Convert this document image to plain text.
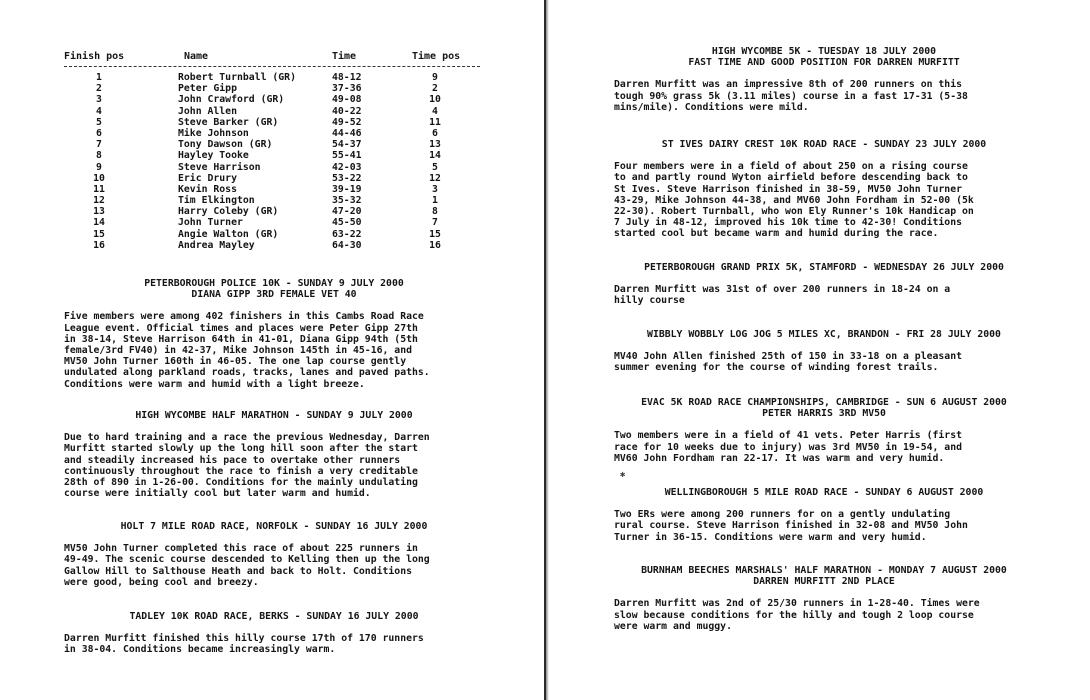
Finish pos	Name	Time	Time pos
1	Robert Turnball (GR)	48-12	9
2	Peter Gipp	37-36	2
3	John Crawford (GR)	49-08	10
4	John Allen	40-22	4
5	Steve Barker (GR)	49-52	11
6	Mike Johnson	44-46	6
7	Tony Dawson (GR)	54-37	13
8	Hayley Tooke	55-41	14
9	Steve Harrison	42-03	5
10	Eric Drury	53-22	12
11	Kevin Ross	39-19	3
12	Tim Elkington	35-32	1
13	Harry Coleby (GR)	47-20	8
14	John Turner	45-50	7
15	Angie Walton (GR)	63-22	15
16	Andrea Mayley	64-30	16

PETERBOROUGH POLICE 10K - SUNDAY 9 JULY 2000

DIANA GIPP 3RD FEMALE VET 40

Five members were among 402 finishers in this Cambs Road Race
League event. Official times and places were Peter Gipp 27th
in 38-14, Steve Harrison 64th in 41-01, Diana Gipp 94th (5th
female/3rd FV40) in 42-37, Mike Johnson 145th in 45-16, and
MV50 John Turner 160th in 46-05. The one lap course gently
undulated along parkland roads, tracks, lanes and paved paths.
Conditions were warm and humid with a light breeze.

HIGH WYCOMBE HALF MARATHON - SUNDAY 9 JULY 2000

Due to hard training and a race the previous Wednesday, Darren
Murfitt started slowly up the long hill soon after the start
and steadily increased his pace to overtake other runners
continuously throughout the race to finish a very creditable
28th of 890 in 1-26-00. Conditions for the mainly undulating
course were initially cool but later warm and humid.

HOLT 7 MILE ROAD RACE, NORFOLK - SUNDAY 16 JULY 2000

MV50 John Turner completed this race of about 225 runners in
49-49. The scenic course descended to Kelling then up the long
Gallow Hill to Salthouse Heath and back to Holt. Conditions
were good, being cool and breezy.

TADLEY 10K ROAD RACE, BERKS - SUNDAY 16 JULY 2000

Darren Murfitt finished this hilly course 17th of 170 runners
in 38-04. Conditions became increasingly warm.

HIGH WYCOMBE 5K - TUESDAY 18 JULY 2000

FAST TIME AND GOOD POSITION FOR DARREN MURFITT

Darren Murfitt was an impressive 8th of 200 runners on this
tough 90% grass 5k (3.11 miles) course in a fast 17-31 (5-38
mins/mile). Conditions were mild.

ST IVES DAIRY CREST 10K ROAD RACE - SUNDAY 23 JULY 2000

Four members were in a field of about 250 on a rising course
to and partly round Wyton airfield before descending back to
St Ives. Steve Harrison finished in 38-59, MV50 John Turner
43-29, Mike Johnson 44-38, and MV60 John Fordham in 52-00 (5k
22-30). Robert Turnball, who won Ely Runner's 10k Handicap on
7 July in 48-12, improved his 10k time to 42-30! Conditions
started cool but became warm and humid during the race.

PETERBOROUGH GRAND PRIX 5K, STAMFORD - WEDNESDAY 26 JULY 2000

Darren Murfitt was 31st of over 200 runners in 18-24 on a
hilly course

WIBBLY WOBBLY LOG JOG 5 MILES XC, BRANDON - FRI 28 JULY 2000

MV40 John Allen finished 25th of 150 in 33-18 on a pleasant
summer evening for the course of winding forest trails.

EVAC 5K ROAD RACE CHAMPIONSHIPS, CAMBRIDGE - SUN 6 AUGUST 2000

PETER HARRIS 3RD MV50

Two members were in a field of 41 vets. Peter Harris (first
race for 10 weeks due to injury) was 3rd MV50 in 19-54, and
MV60 John Fordham ran 22-17. It was warm and very humid.

✱

WELLINGBOROUGH 5 MILE ROAD RACE - SUNDAY 6 AUGUST 2000

Two ERs were among 200 runners for on a gently undulating
rural course. Steve Harrison finished in 32-08 and MV50 John
Turner in 36-15. Conditions were warm and very humid.

BURNHAM BEECHES MARSHALS' HALF MARATHON - MONDAY 7 AUGUST 2000

DARREN MURFITT 2ND PLACE

Darren Murfitt was 2nd of 25/30 runners in 1-28-40. Times were
slow because conditions for the hilly and tough 2 loop course
were warm and muggy.
